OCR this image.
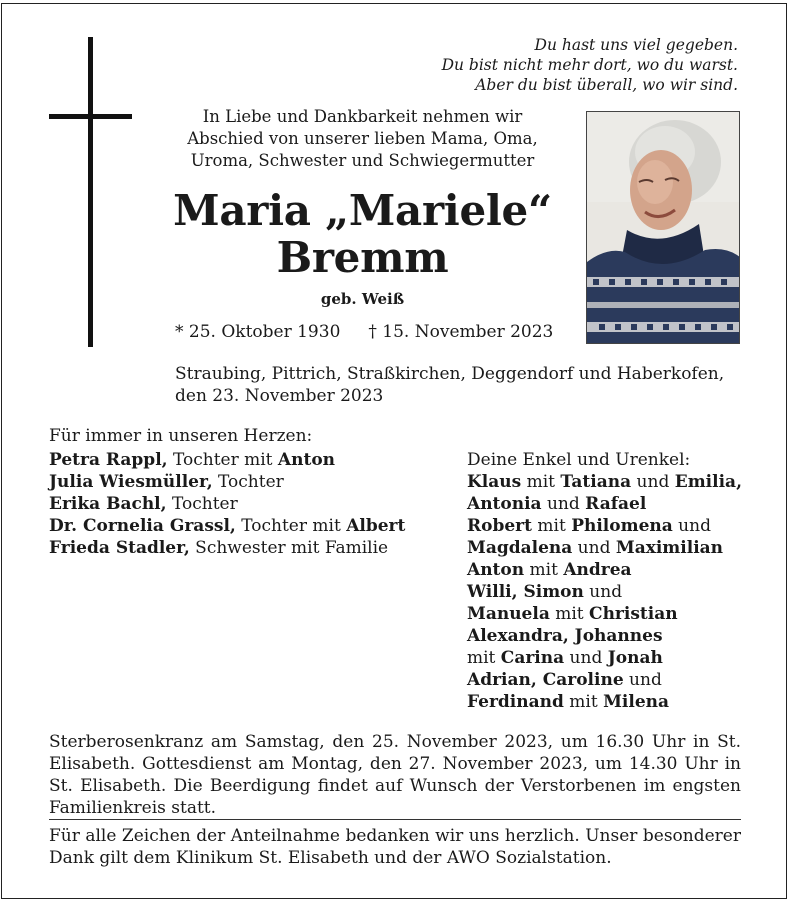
Du hast uns viel gegeben.
Du bist nicht mehr dort, wo du warst.
Aber du bist überall, wo wir sind.
In Liebe und Dankbarkeit nehmen wir
Abschied von unserer lieben Mama, Oma,
Uroma, Schwester und Schwiegermutter
Maria „Mariele“
Bremm
geb. Weiß
* 25. Oktober 1930 † 15. November 2023
Straubing, Pittrich, Straßkirchen, Deggendorf und Haberkofen,
den 23. November 2023
Für immer in unseren Herzen:
Petra Rappl, Tochter mit Anton
Julia Wiesmüller, Tochter
Erika Bachl, Tochter
Dr. Cornelia Grassl, Tochter mit Albert
Frieda Stadler, Schwester mit Familie
Deine Enkel und Urenkel:
Klaus mit Tatiana und Emilia,
Antonia und Rafael
Robert mit Philomena und
Magdalena und Maximilian
Anton mit Andrea
Willi, Simon und
Manuela mit Christian
Alexandra, Johannes
mit Carina und Jonah
Adrian, Caroline und
Ferdinand mit Milena
Sterberosenkranz am Samstag, den 25. November 2023, um 16.30 Uhr in St. Elisabeth. Gottesdienst am Montag, den 27. November 2023, um 14.30 Uhr in St. Elisabeth. Die Beerdigung findet auf Wunsch der Verstorbenen im engsten Familienkreis statt.
Für alle Zeichen der Anteilnahme bedanken wir uns herzlich. Unser besonderer Dank gilt dem Klinikum St. Elisabeth und der AWO Sozialstation.
